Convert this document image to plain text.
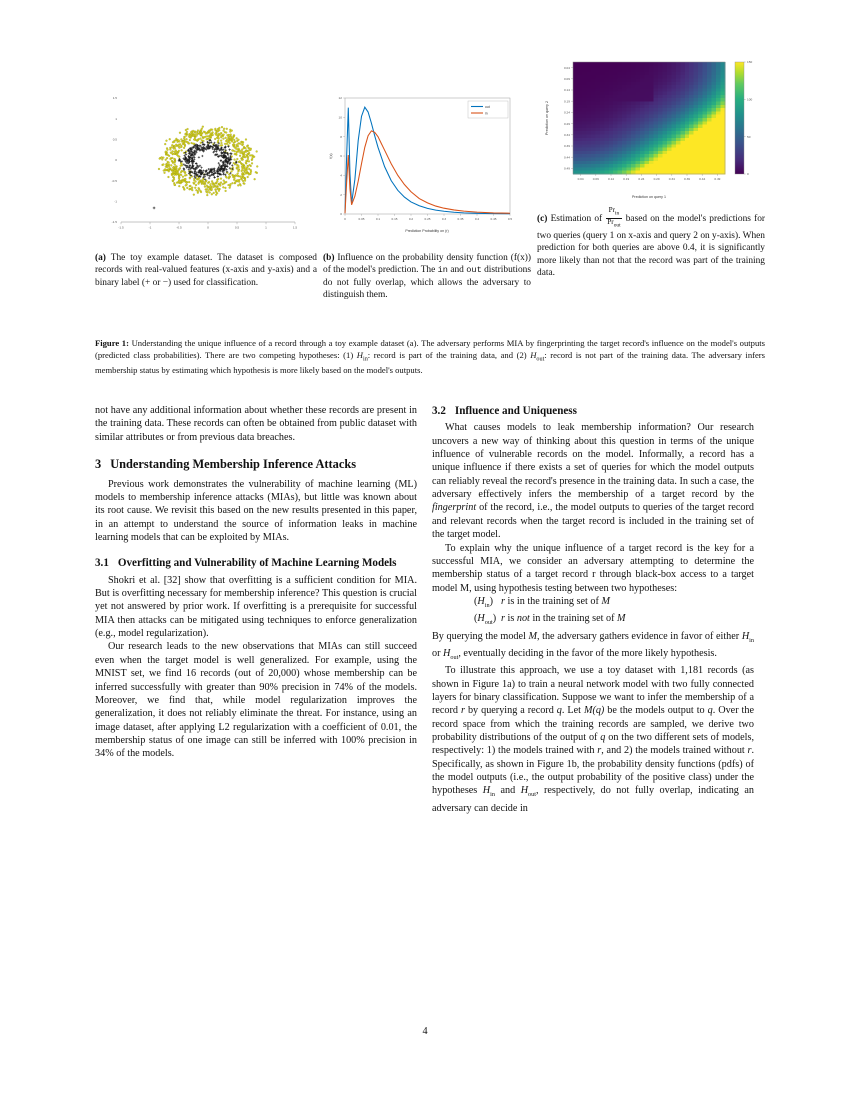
-1.5	-1	-0.5	0	0.5	1	1.5
1.5
1
0.5
0
-0.5
-1
-1.5
0	0.05	0.1	0.15	0.2	0.25	0.3	0.35	0.4	0.45	0.5
0
2
4
6
8
10
12
Prediction Probability on (r)
f(x)
out
in
0.04	0.09	0.14	0.19	0.24	0.29	0.34	0.39	0.44	0.49
0.04
0.09
0.14
0.19
0.24
0.29
0.34
0.39
0.44
0.49
Prediction on query 1
Prediction on query 2
0
50
100
150
(a) The toy example dataset. The dataset is composed records with real-valued features (x-axis and y-axis) and a binary label (+ or −) used for classification.
(b) Influence on the probability density function (f(x)) of the model's prediction. The in and out distributions do not fully overlap, which allows the adversary to distinguish them.
(c) Estimation of $\frac{Pr_{in}}{Pr_{out}}$ based on the model's predictions for two queries (query 1 on x-axis and query 2 on y-axis). When prediction for both queries are above 0.4, it is significantly more likely than not that the record was part of the training data.
Figure 1: Understanding the unique influence of a record through a toy example dataset (a). The adversary performs MIA by fingerprinting the target record's influence on the model's outputs (predicted class probabilities). There are two competing hypotheses: (1) $H_{in}$: record is part of the training data, and (2) $H_{out}$: record is not part of the training data. The adversary infers membership status by estimating which hypothesis is more likely based on the model's outputs.

not have any additional information about whether these records are present in the training data. These records can often be obtained from public dataset with similar attributes or from previous data breaches.

3 Understanding Membership Inference Attacks

Previous work demonstrates the vulnerability of machine learning (ML) models to membership inference attacks (MIAs), but little was known about its root cause. We revisit this based on the new results presented in this paper, in an attempt to understand the source of information leaks in machine learning models that can be exploited by MIAs.

3.1 Overfitting and Vulnerability of Machine Learning Models

Shokri et al. [32] show that overfitting is a sufficient condition for MIA. But is overfitting necessary for membership inference? This question is crucial yet not answered by prior work. If overfitting is a prerequisite for successful MIA then attacks can be mitigated using techniques to enforce generalization (e.g., model regularization).

Our research leads to the new observations that MIAs can still succeed even when the target model is well generalized. For example, using the MNIST set, we find 16 records (out of 20,000) whose membership can be inferred successfully with greater than 90% precision in 74% of the models. Moreover, we find that, while model regularization improves the generalization, it does not reliably eliminate the threat. For instance, using an image dataset, after applying L2 regularization with a coefficient of 0.01, the membership status of one image can still be inferred with 100% precision in 34% of the models.

3.2 Influence and Uniqueness

What causes models to leak membership information? Our research uncovers a new way of thinking about this question in terms of the unique influence of vulnerable records on the model. Informally, a record has a unique influence if there exists a set of queries for which the model outputs can reliably reveal the record's presence in the training data. In such a case, the adversary effectively infers the membership of a target record by the fingerprint of the record, i.e., the model outputs to queries of the target record and relevant records when the target record is included in the training set of the target model.

To explain why the unique influence of a target record is the key for a successful MIA, we consider an adversary attempting to determine the membership status of a target record r through black-box access to a target model M, using hypothesis testing between two hypotheses:

$(H_{in})$ r is in the training set of M

$(H_{out})$ r is not in the training set of M

By querying the model M, the adversary gathers evidence in favor of either $H_{in}$ or $H_{out}$, eventually deciding in the favor of the more likely hypothesis.

To illustrate this approach, we use a toy dataset with 1,181 records (as shown in Figure 1a) to train a neural network model with two fully connected layers for binary classification. Suppose we want to infer the membership of a record r by querying a record q. Let M(q) be the models output to q. Over the record space from which the training records are sampled, we derive two probability distributions of the output of q on the two different sets of models, respectively: 1) the models trained with r, and 2) the models trained without r. Specifically, as shown in Figure 1b, the probability density functions (pdfs) of the model outputs (i.e., the output probability of the positive class) under the hypotheses $H_{in}$ and $H_{out}$, respectively, do not fully overlap, indicating an adversary can decide in

4
